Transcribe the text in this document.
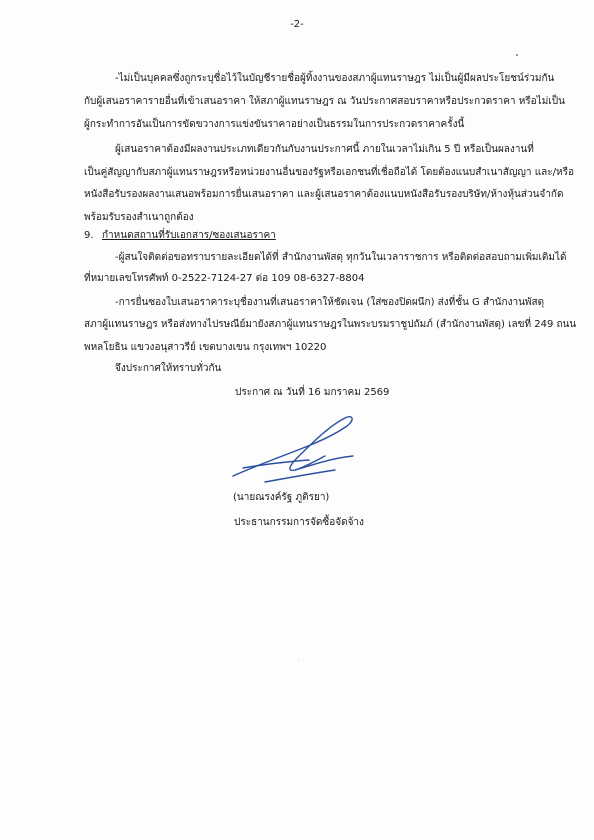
-2-
-ไม่เป็นบุคคลซึ่งถูกระบุชื่อไว้ในบัญชีรายชื่อผู้ทิ้งงานของสภาผู้แทนราษฎร ไม่เป็นผู้มีผลประโยชน์ร่วมกัน
กับผู้เสนอราคารายอื่นที่เข้าเสนอราคา ให้สภาผู้แทนราษฎร ณ วันประกาศสอบราคาหรือประกวดราคา หรือไม่เป็น
ผู้กระทำการอันเป็นการขัดขวางการแข่งขันราคาอย่างเป็นธรรมในการประกวดราคาครั้งนี้
ผู้เสนอราคาต้องมีผลงานประเภทเดียวกันกับงานประกาศนี้ ภายในเวลาไม่เกิน 5 ปี หรือเป็นผลงานที่
เป็นคู่สัญญากับสภาผู้แทนราษฎรหรือหน่วยงานอื่นของรัฐหรือเอกชนที่เชื่อถือได้ โดยต้องแนบสำเนาสัญญา และ/หรือ
หนังสือรับรองผลงานเสนอพร้อมการยื่นเสนอราคา และผู้เสนอราคาต้องแนบหนังสือรับรองบริษัท/ห้างหุ้นส่วนจำกัด
พร้อมรับรองสำเนาถูกต้อง
9. กำหนดสถานที่รับเอกสาร/ซองเสนอราคา
-ผู้สนใจติดต่อขอทราบรายละเอียดได้ที่ สำนักงานพัสดุ ทุกวันในเวลาราชการ หรือติดต่อสอบถามเพิ่มเติมได้
ที่หมายเลขโทรศัพท์ 0-2522-7124-27 ต่อ 109 08-6327-8804
-การยื่นซองใบเสนอราคาระบุชื่องานที่เสนอราคาให้ชัดเจน (ใส่ซองปิดผนึก) ส่งที่ชั้น G สำนักงานพัสดุ
สภาผู้แทนราษฎร หรือส่งทางไปรษณีย์มายังสภาผู้แทนราษฎรในพระบรมราชูปถัมภ์ (สำนักงานพัสดุ) เลขที่ 249 ถนน
พหลโยธิน แขวงอนุสาวรีย์ เขตบางเขน กรุงเทพฯ 10220
จึงประกาศให้ทราบทั่วกัน
ประกาศ ณ วันที่ 16 มกราคม 2569
(นายณรงค์รัฐ ภูติรยา)
ประธานกรรมการจัดซื้อจัดจ้าง
